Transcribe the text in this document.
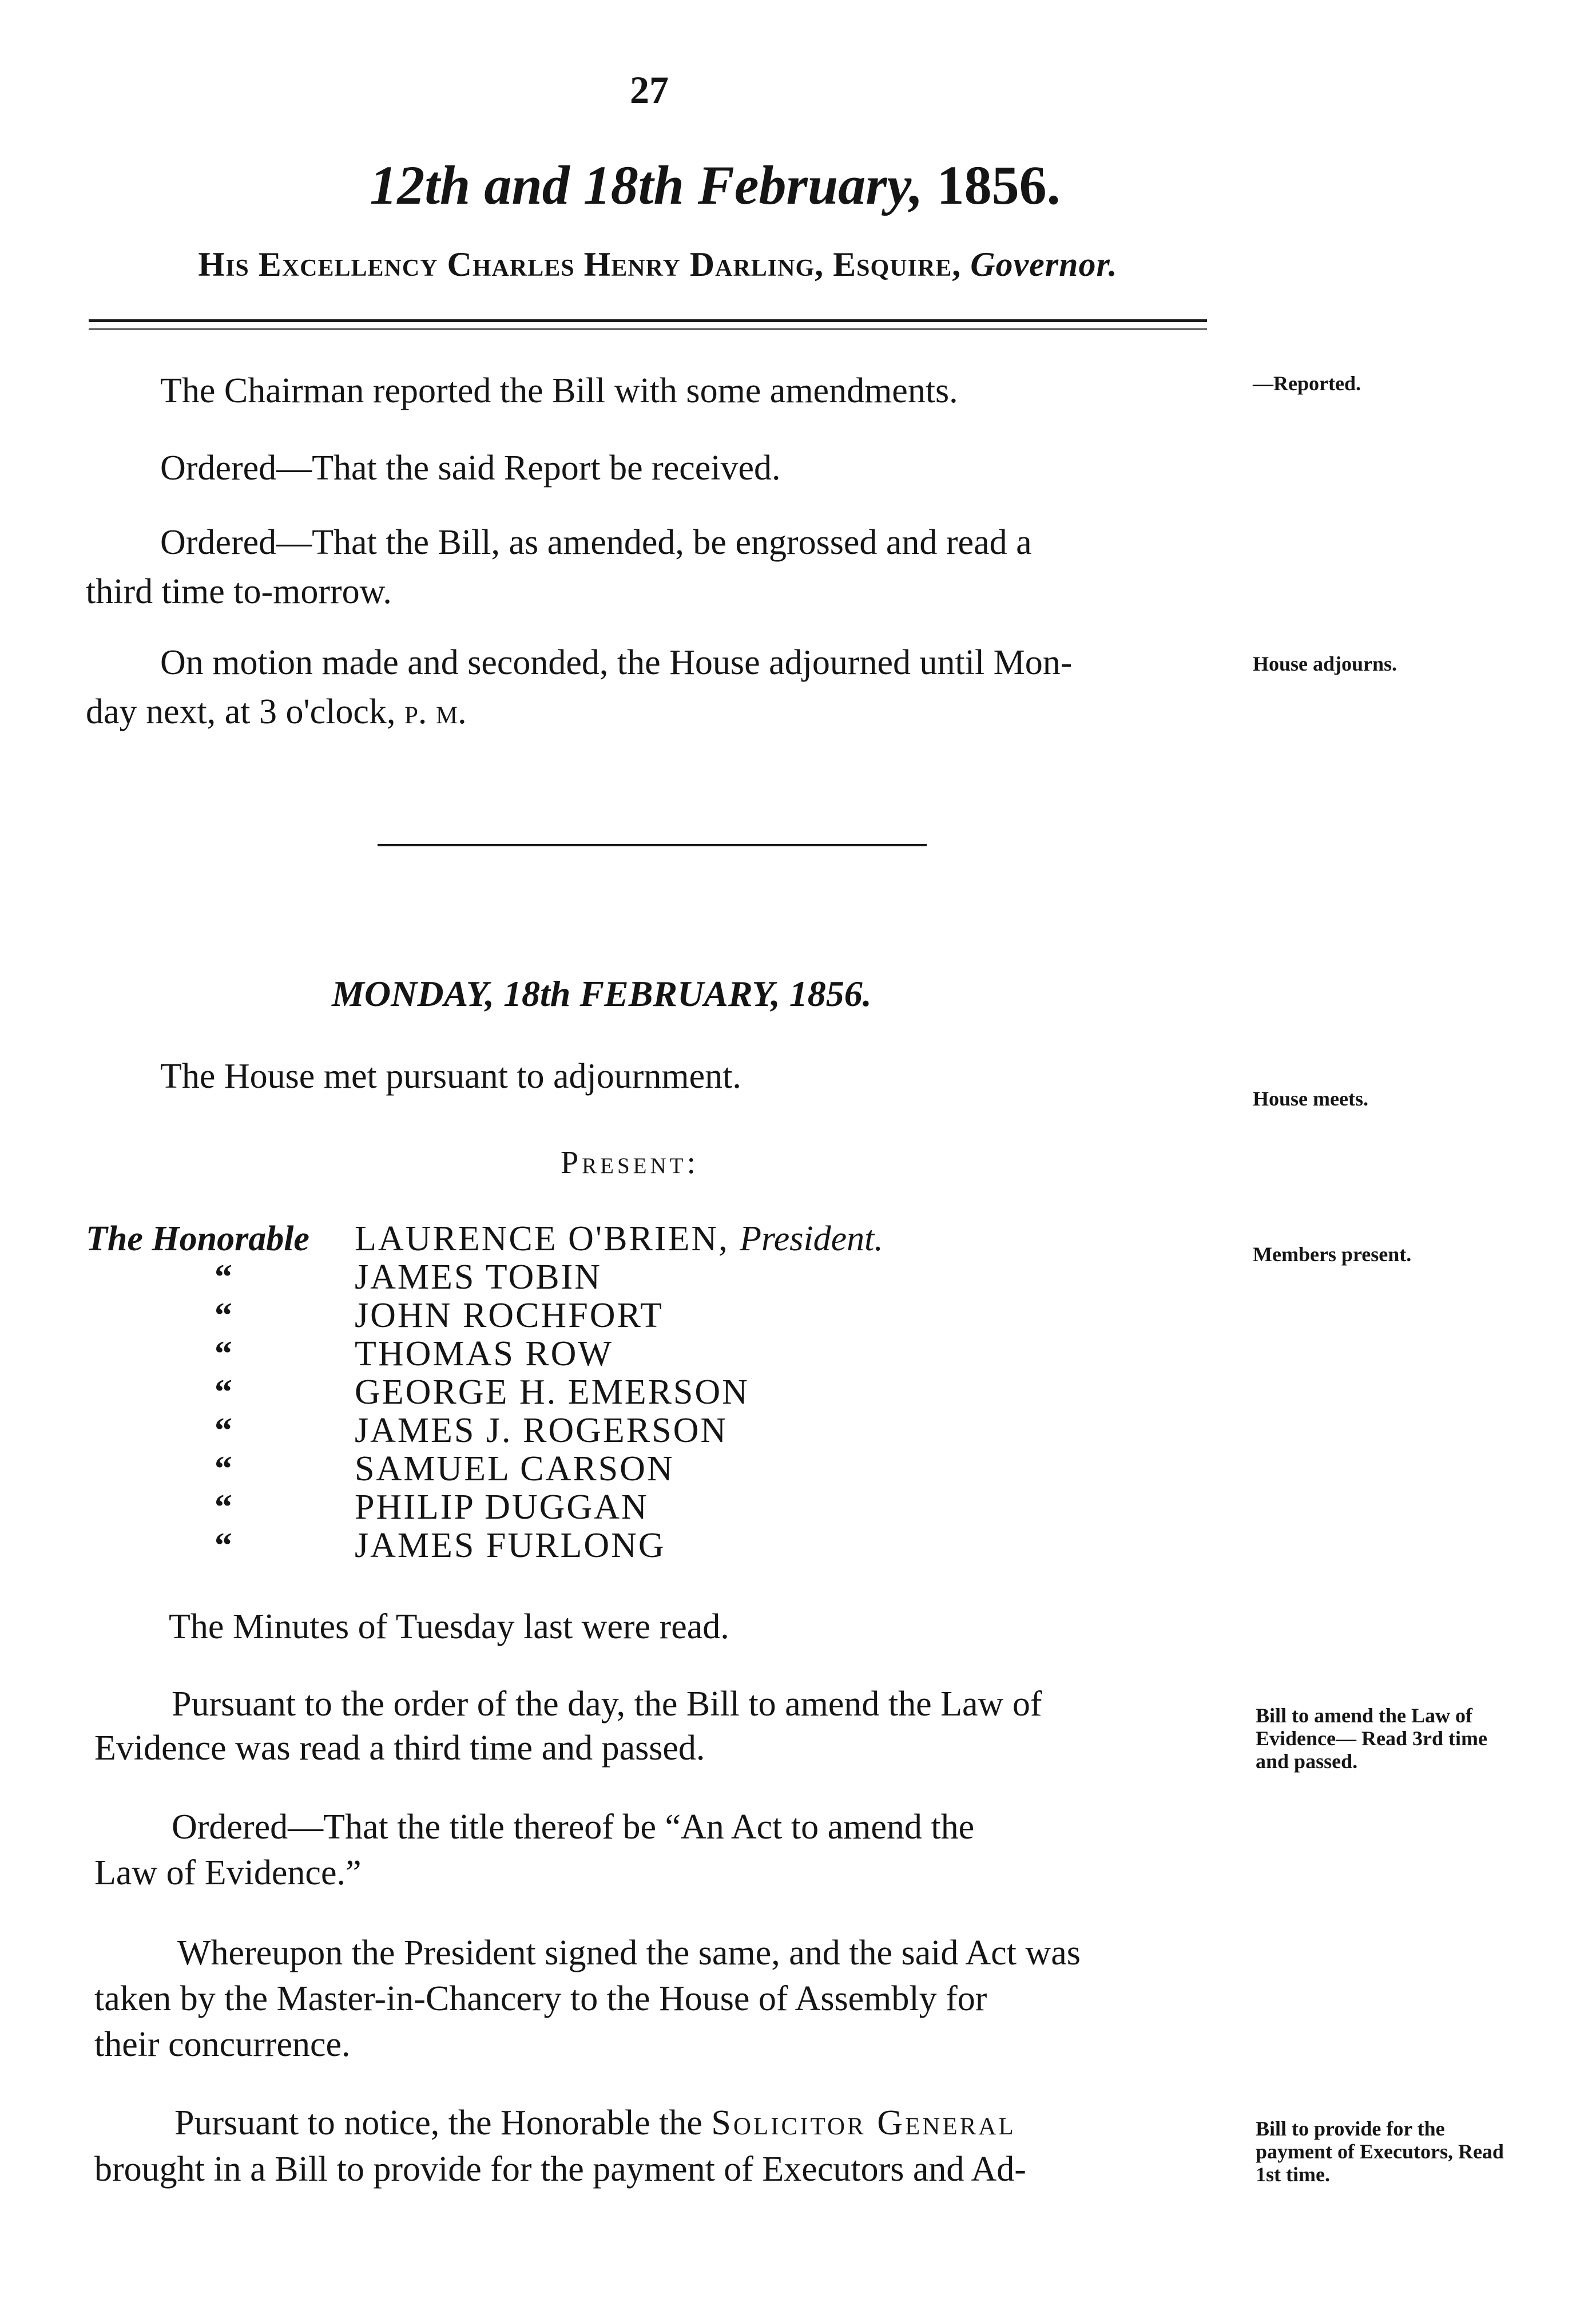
27
12th and 18th February, 1856.
His Excellency Charles Henry Darling, Esquire, Governor.
The Chairman reported the Bill with some amendments.	—Reported.
Ordered—That the said Report be received.
Ordered—That the Bill, as amended, be engrossed and read a
third time to-morrow.
On motion made and seconded, the House adjourned until Mon-
day next, at 3 o'clock, p. m.
House adjourns.
MONDAY, 18th FEBRUARY, 1856.
The House met pursuant to adjournment.
House meets.
Present:
Members present.
The Honorable LAURENCE O'BRIEN, President.
“	JAMES TOBIN
“	JOHN ROCHFORT
“	THOMAS ROW
“	GEORGE H. EMERSON
“	JAMES J. ROGERSON
“	SAMUEL CARSON
“	PHILIP DUGGAN
“	JAMES FURLONG
The Minutes of Tuesday last were read.
Pursuant to the order of the day, the Bill to amend the Law of
Evidence was read a third time and passed.
Bill to amend the Law of Evidence— Read 3rd time and passed.
Ordered—That the title thereof be “An Act to amend the
Law of Evidence.”
Whereupon the President signed the same, and the said Act was
taken by the Master-in-Chancery to the House of Assembly for
their concurrence.
Pursuant to notice, the Honorable the Solicitor General
brought in a Bill to provide for the payment of Executors and Ad-
Bill to provide for the payment of Executors, Read 1st time.
